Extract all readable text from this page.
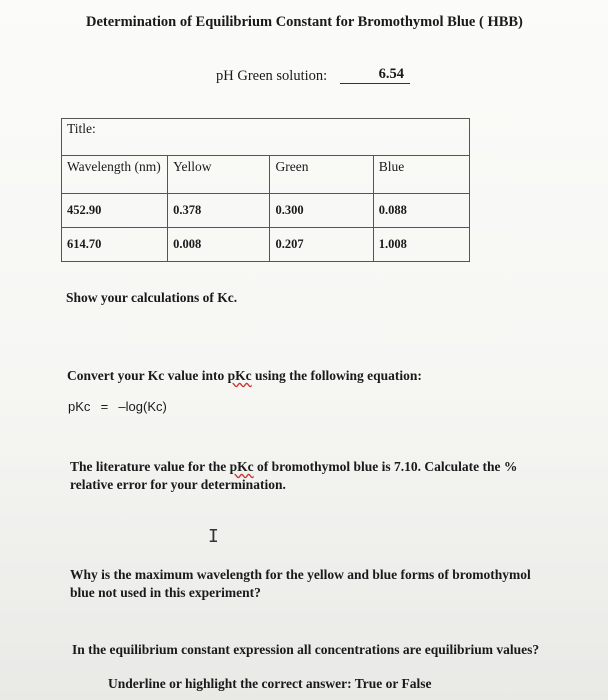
Determination of Equilibrium Constant for Bromothymol Blue ( HBB)
pH Green solution:	6.54
Title:			
Wavelength (nm)	Yellow	Green	Blue
452.90	0.378	0.300	0.088
614.70	0.008	0.207	1.008
Show your calculations of Kc.
Convert your Kc value into pKc using the following equation:
pKc = –log(Kc)
The literature value for the pKc of bromothymol blue is 7.10. Calculate the %
relative error for your determination.
I
Why is the maximum wavelength for the yellow and blue forms of bromothymol
blue not used in this experiment?
In the equilibrium constant expression all concentrations are equilibrium values?
Underline or highlight the correct answer: True or False
